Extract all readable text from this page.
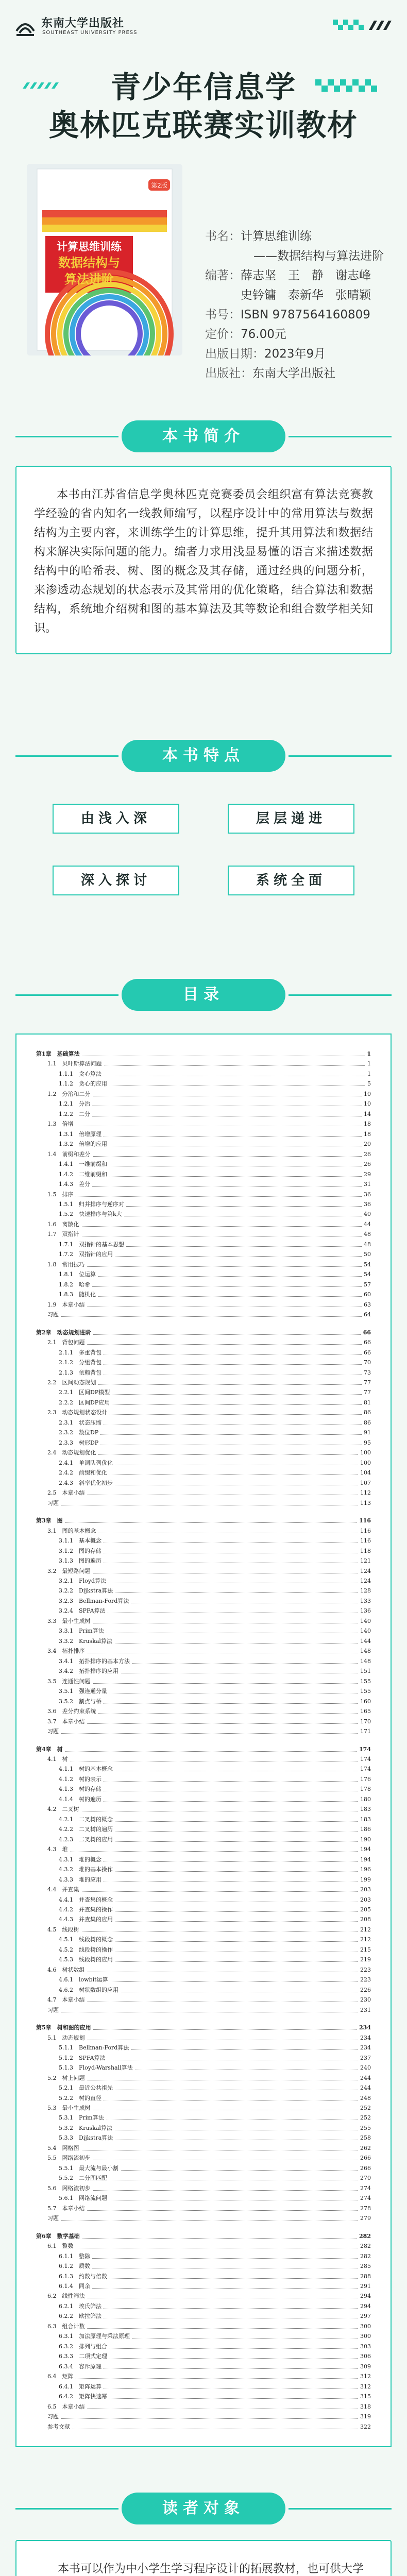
东南大学出版社
SOUTHEAST UNIVERSITY PRESS
青少年信息学
奥林匹克联赛实训教材
第2版
计算思维训练
数据结构与
算法进阶
书名：计算思维训练
——数据结构与算法进阶
编著：薛志坚　王　静　谢志峰
史钤镛　泰新华　张晴颖
书号：ISBN 9787564160809
定价：76.00元
出版日期：2023年9月
出版社：东南大学出版社
本书简介
本书由江苏省信息学奥林匹克竞赛委员会组织富有算法竞赛教学经验的省内知名一线教师编写，以程序设计中的常用算法与数据结构为主要内容，来训练学生的计算思维，提升其用算法和数据结构来解决实际问题的能力。编者力求用浅显易懂的语言来描述数据结构中的哈希表、树、图的概念及其存储，通过经典的问题分析，来渗透动态规划的状态表示及其常用的优化策略，结合算法和数据结构，系统地介绍树和图的基本算法及其等数论和组合数学相关知识。
本书特点
由浅入深	层层递进
深入探讨	系统全面
目录
第1章　基础算法	1
1.1　贝叶斯算法问题	1
1.1.1　贪心算法	1
1.1.2　贪心的应用	5
1.2　分治和二分	10
1.2.1　分治	10
1.2.2　二分	14
1.3　倍增	18
1.3.1　倍增原理	18
1.3.2　倍增的应用	20
1.4　前缀和差分	26
1.4.1　一维前缀和	26
1.4.2　二维前缀和	29
1.4.3　差分	31
1.5　排序	36
1.5.1　归并排序与逆序对	36
1.5.2　快速排序与第k大	40
1.6　离散化	44
1.7　双指针	48
1.7.1　双指针的基本思想	48
1.7.2　双指针的应用	50
1.8　常用技巧	54
1.8.1　位运算	54
1.8.2　哈希	57
1.8.3　随机化	60
1.9　本章小结	63
习题	64
第2章　动态规划进阶	66
2.1　背包问题	66
2.1.1　多重背包	66
2.1.2　分组背包	70
2.1.3　依赖背包	73
2.2　区间动态规划	77
2.2.1　区间DP模型	77
2.2.2　区间DP应用	81
2.3　动态规划状态设计	86
2.3.1　状态压缩	86
2.3.2　数位DP	91
2.3.3　树形DP	95
2.4　动态规划优化	100
2.4.1　单调队列优化	100
2.4.2　前缀和优化	104
2.4.3　斜率优化初步	107
2.5　本章小结	112
习题	113
第3章　图	116
3.1　图的基本概念	116
3.1.1　基本概念	116
3.1.2　图的存储	118
3.1.3　图的遍历	121
3.2　最短路问题	124
3.2.1　Floyd算法	124
3.2.2　Dijkstra算法	128
3.2.3　Bellman-Ford算法	133
3.2.4　SPFA算法	136
3.3　最小生成树	140
3.3.1　Prim算法	140
3.3.2　Kruskal算法	144
3.4　拓扑排序	148
3.4.1　拓扑排序的基本方法	148
3.4.2　拓扑排序的应用	151
3.5　连通性问题	155
3.5.1　强连通分量	155
3.5.2　割点与桥	160
3.6　差分约束系统	165
3.7　本章小结	170
习题	171
第4章　树	174
4.1　树	174
4.1.1　树的基本概念	174
4.1.2　树的表示	176
4.1.3　树的存储	178
4.1.4　树的遍历	180
4.2　二叉树	183
4.2.1　二叉树的概念	183
4.2.2　二叉树的遍历	186
4.2.3　二叉树的应用	190
4.3　堆	194
4.3.1　堆的概念	194
4.3.2　堆的基本操作	196
4.3.3　堆的应用	199
4.4　并查集	203
4.4.1　并查集的概念	203
4.4.2　并查集的操作	205
4.4.3　并查集的应用	208
4.5　线段树	212
4.5.1　线段树的概念	212
4.5.2　线段树的操作	215
4.5.3　线段树的应用	219
4.6　树状数组	223
4.6.1　lowbit运算	223
4.6.2　树状数组的应用	226
4.7　本章小结	230
习题	231
第5章　树和图的应用	234
5.1　动态规划	234
5.1.1　Bellman-Ford算法	234
5.1.2　SPFA算法	237
5.1.3　Floyd-Warshall算法	240
5.2　树上问题	244
5.2.1　最近公共祖先	244
5.2.2　树的直径	248
5.3　最小生成树	252
5.3.1　Prim算法	252
5.3.2　Kruskal算法	255
5.3.3　Dijkstra算法	258
5.4　网格图	262
5.5　网络流初步	266
5.5.1　最大流与最小割	266
5.5.2　二分图匹配	270
5.6　网络流初步	274
5.6.1　网络流问题	274
5.7　本章小结	278
习题	279
第6章　数学基础	282
6.1　整数	282
6.1.1　整除	282
6.1.2　质数	285
6.1.3　约数与倍数	288
6.1.4　同余	291
6.2　线性筛法	294
6.2.1　埃氏筛法	294
6.2.2　欧拉筛法	297
6.3　组合计数	300
6.3.1　加法原理与乘法原理	300
6.3.2　排列与组合	303
6.3.3　二项式定理	306
6.3.4　容斥原理	309
6.4　矩阵	312
6.4.1　矩阵运算	312
6.4.2　矩阵快速幂	315
6.5　本章小结	318
习题	319
参考文献	322
读者对象
本书可以作为中小学生学习程序设计的拓展教材，也可供大学
